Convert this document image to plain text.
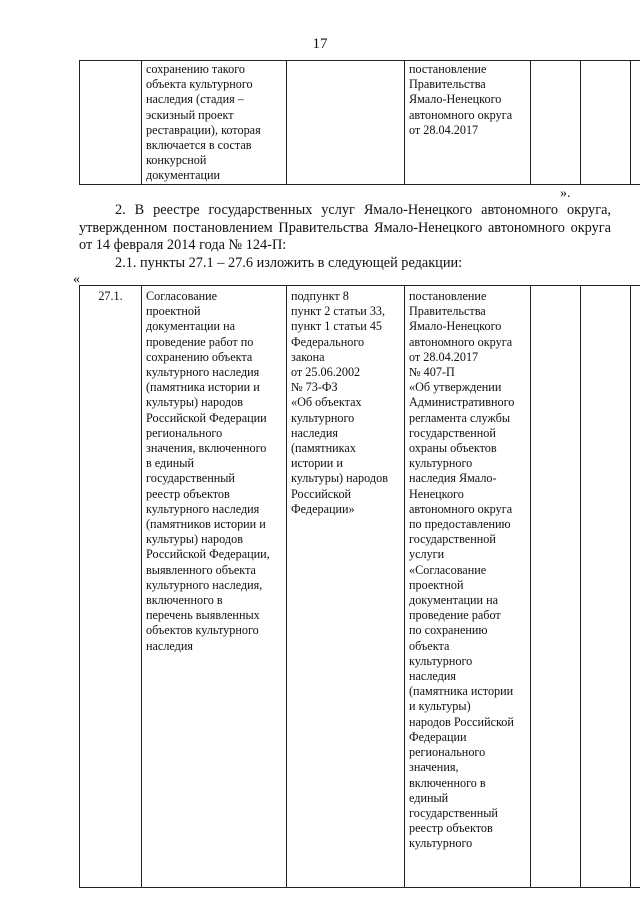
17
	сохранению такого
объекта культурного
наследия (стадия –
эскизный проект
реставрации), которая
включается в состав
конкурсной
документации		постановление
Правительства
Ямало-Ненецкого
автономного округа
от 28.04.2017			
».
2. В реестре государственных услуг Ямало-Ненецкого автономного округа, утвержденном постановлением Правительства Ямало-Ненецкого автономного округа от 14 февраля 2014 года № 124-П:
2.1. пункты 27.1 – 27.6 изложить в следующей редакции:
«
27.1.	Согласование
проектной
документации на
проведение работ по
сохранению объекта
культурного наследия
(памятника истории и
культуры) народов
Российской Федерации
регионального
значения, включенного
в единый
государственный
реестр объектов
культурного наследия
(памятников истории и
культуры) народов
Российской Федерации,
выявленного объекта
культурного наследия,
включенного в
перечень выявленных
объектов культурного
наследия	подпункт 8
пункт 2 статьи 33,
пункт 1 статьи 45
Федерального
закона
от 25.06.2002
№ 73-ФЗ
«Об объектах
культурного
наследия
(памятниках
истории и
культуры) народов
Российской
Федерации»	постановление
Правительства
Ямало-Ненецкого
автономного округа
от 28.04.2017
№ 407-П
«Об утверждении
Административного
регламента службы
государственной
охраны объектов
культурного
наследия Ямало-
Ненецкого
автономного округа
по предоставлению
государственной
услуги
«Согласование
проектной
документации на
проведение работ
по сохранению
объекта
культурного
наследия
(памятника истории
и культуры)
народов Российской
Федерации
регионального
значения,
включенного в
единый
государственный
реестр объектов
культурного			
